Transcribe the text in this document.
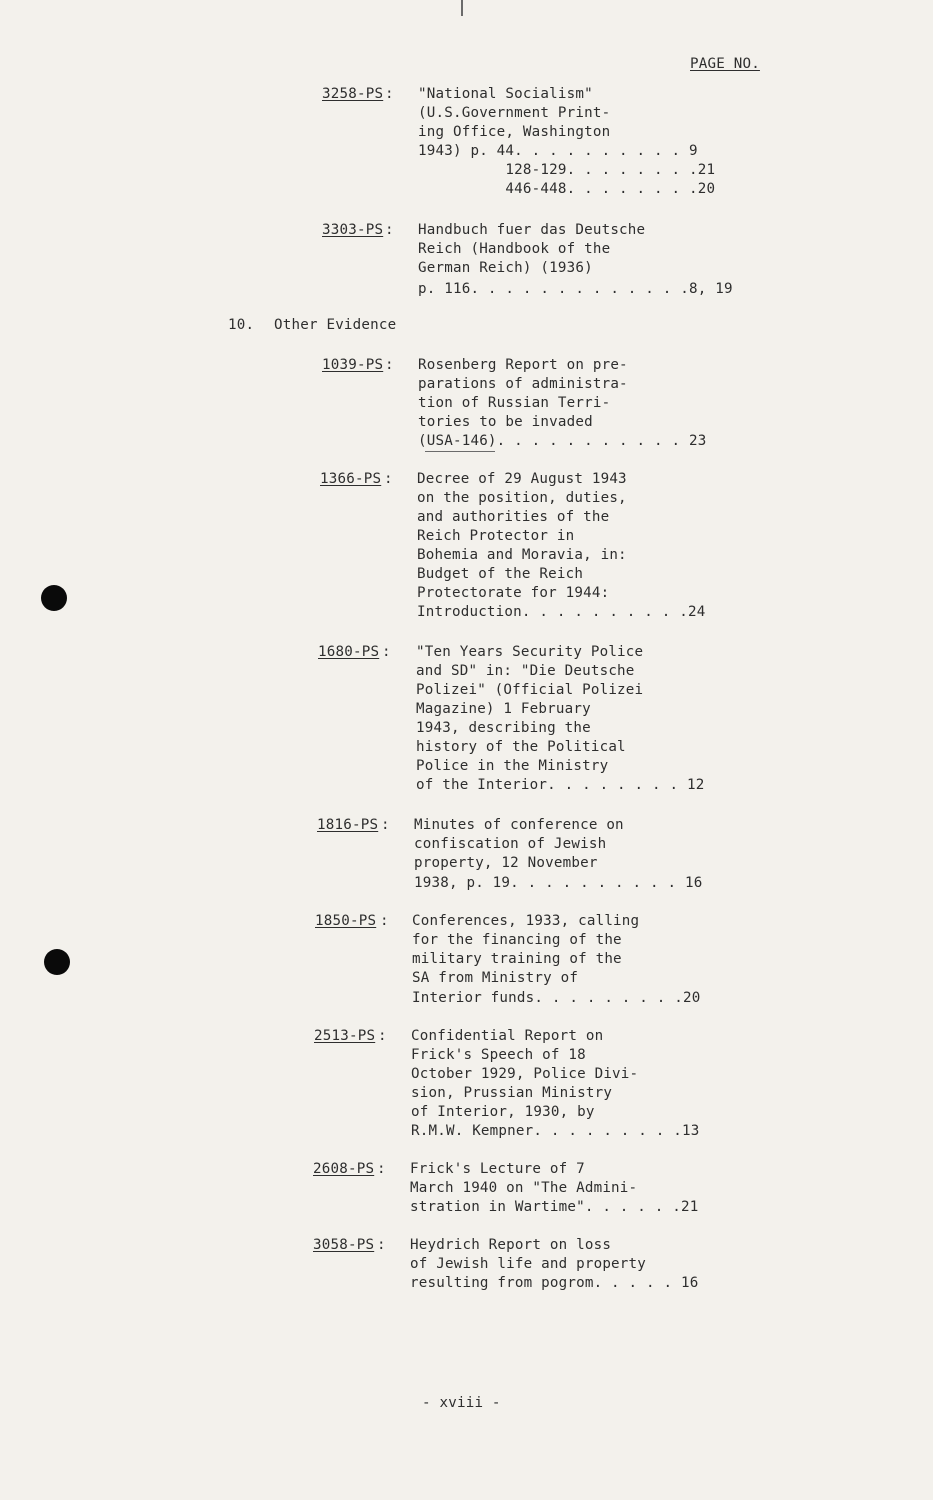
PAGE NO.
3258-PS : "National Socialism"
(U.S.Government Print-
ing Office, Washington
1943) p. 44. . . . . . . . . . 9
128-129. . . . . . . .21
446-448. . . . . . . .20
3303-PS : Handbuch fuer das Deutsche
Reich (Handbook of the
German Reich) (1936)
p. 116. . . . . . . . . . . . .8, 19
10. Other Evidence
1039-PS : Rosenberg Report on pre-
parations of administra-
tion of Russian Terri-
tories to be invaded
(USA-146). . . . . . . . . . . 23
1366-PS : Decree of 29 August 1943
on the position, duties,
and authorities of the
Reich Protector in
Bohemia and Moravia, in:
Budget of the Reich
Protectorate for 1944:
Introduction. . . . . . . . . .24
1680-PS : "Ten Years Security Police
and SD" in: "Die Deutsche
Polizei" (Official Polizei
Magazine) 1 February
1943, describing the
history of the Political
Police in the Ministry
of the Interior. . . . . . . . 12
1816-PS : Minutes of conference on
confiscation of Jewish
property, 12 November
1938, p. 19. . . . . . . . . . 16
1850-PS : Conferences, 1933, calling
for the financing of the
military training of the
SA from Ministry of
Interior funds. . . . . . . . .20
2513-PS : Confidential Report on
Frick's Speech of 18
October 1929, Police Divi-
sion, Prussian Ministry
of Interior, 1930, by
R.M.W. Kempner. . . . . . . . .13
2608-PS : Frick's Lecture of 7
March 1940 on "The Admini-
stration in Wartime". . . . . .21
3058-PS : Heydrich Report on loss
of Jewish life and property
resulting from pogrom. . . . . 16
- xviii -
